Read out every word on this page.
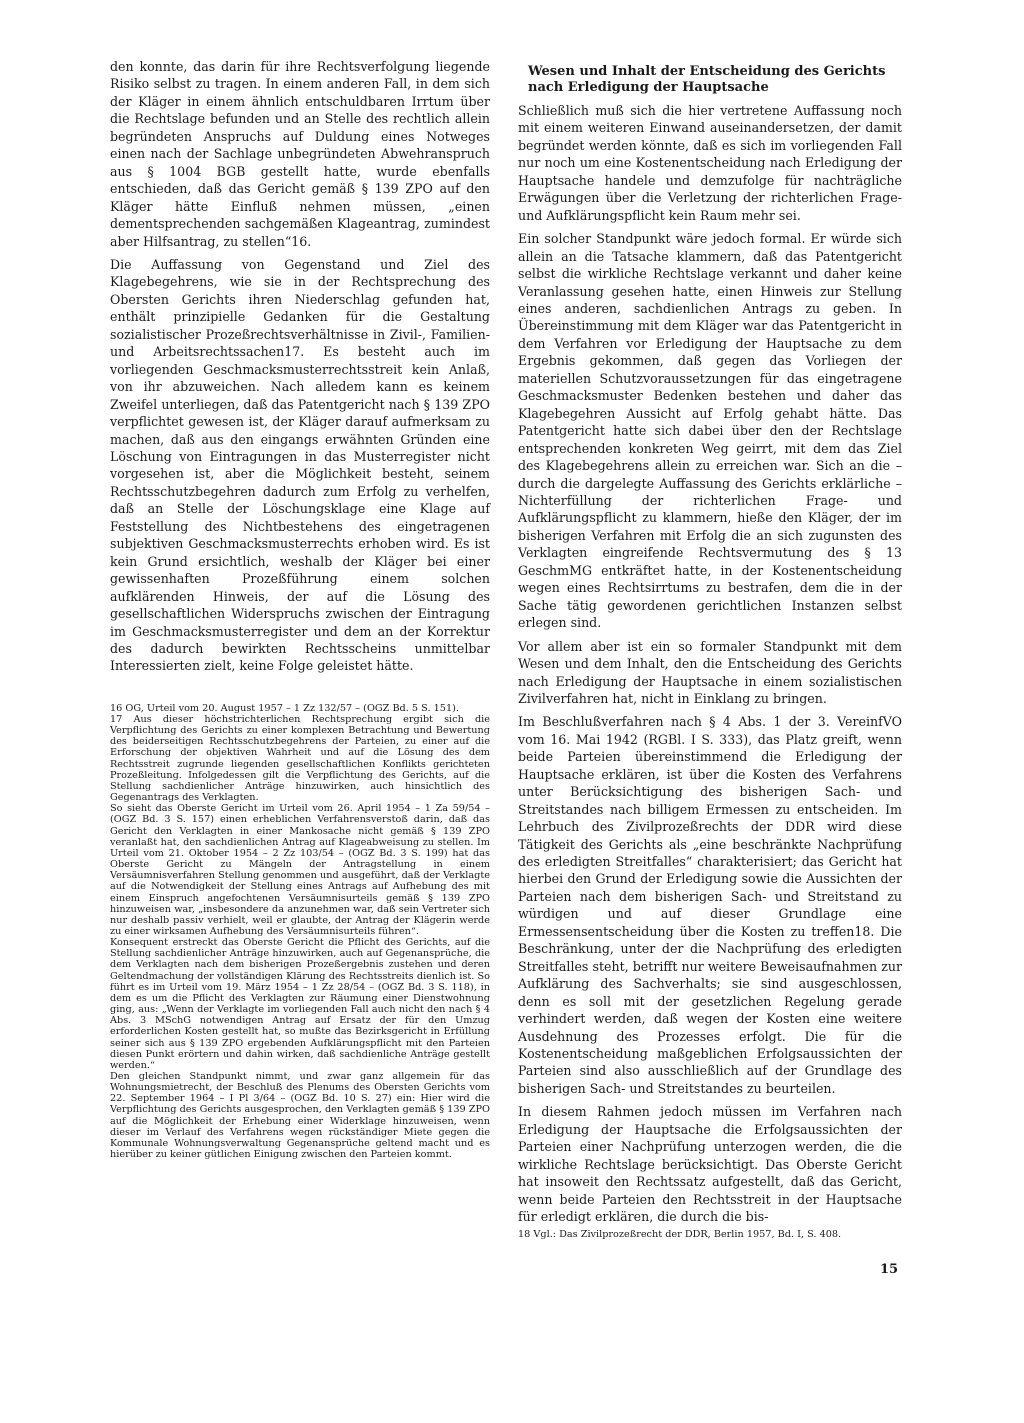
den konnte, das darin für ihre Rechtsverfolgung liegende Risiko selbst zu tragen. In einem anderen Fall, in dem sich der Kläger in einem ähnlich entschuldbaren Irrtum über die Rechtslage befunden und an Stelle des rechtlich allein begründeten Anspruchs auf Duldung eines Notweges einen nach der Sachlage unbegründeten Abwehranspruch aus § 1004 BGB gestellt hatte, wurde ebenfalls entschieden, daß das Gericht gemäß § 139 ZPO auf den Kläger hätte Einfluß nehmen müssen, „einen dementsprechenden sachgemäßen Klageantrag, zumindest aber Hilfsantrag, zu stellen“16.

Die Auffassung von Gegenstand und Ziel des Klagebegehrens, wie sie in der Rechtsprechung des Obersten Gerichts ihren Niederschlag gefunden hat, enthält prinzipielle Gedanken für die Gestaltung sozialistischer Prozeßrechtsverhältnisse in Zivil-, Familien- und Arbeitsrechtssachen17. Es besteht auch im vorliegenden Geschmacksmusterrechtsstreit kein Anlaß, von ihr abzuweichen. Nach alledem kann es keinem Zweifel unterliegen, daß das Patentgericht nach § 139 ZPO verpflichtet gewesen ist, der Kläger darauf aufmerksam zu machen, daß aus den eingangs erwähnten Gründen eine Löschung von Eintragungen in das Musterregister nicht vorgesehen ist, aber die Möglichkeit besteht, seinem Rechtsschutzbegehren dadurch zum Erfolg zu verhelfen, daß an Stelle der Löschungsklage eine Klage auf Feststellung des Nichtbestehens des eingetragenen subjektiven Geschmacksmusterrechts erhoben wird. Es ist kein Grund ersichtlich, weshalb der Kläger bei einer gewissenhaften Prozeßführung einem solchen aufklärenden Hinweis, der auf die Lösung des gesellschaftlichen Widerspruchs zwischen der Eintragung im Geschmacksmusterregister und dem an der Korrektur des dadurch bewirkten Rechtsscheins unmittelbar Interessierten zielt, keine Folge geleistet hätte.

16 OG, Urteil vom 20. August 1957 – 1 Zz 132/57 – (OGZ Bd. 5 S. 151).

17 Aus dieser höchstrichterlichen Rechtsprechung ergibt sich die Verpflichtung des Gerichts zu einer komplexen Betrachtung und Bewertung des beiderseitigen Rechtsschutzbegehrens der Parteien, zu einer auf die Erforschung der objektiven Wahrheit und auf die Lösung des dem Rechtsstreit zugrunde liegenden gesellschaftlichen Konflikts gerichteten Prozeßleitung. Infolgedessen gilt die Verpflichtung des Gerichts, auf die Stellung sachdienlicher Anträge hinzuwirken, auch hinsichtlich des Gegenantrags des Verklagten.

So sieht das Oberste Gericht im Urteil vom 26. April 1954 – 1 Za 59/54 – (OGZ Bd. 3 S. 157) einen erheblichen Verfahrensverstoß darin, daß das Gericht den Verklagten in einer Mankosache nicht gemäß § 139 ZPO veranlaßt hat, den sachdienlichen Antrag auf Klageabweisung zu stellen. Im Urteil vom 21. Oktober 1954 – 2 Zz 103/54 – (OGZ Bd. 3 S. 199) hat das Oberste Gericht zu Mängeln der Antragstellung in einem Versäumnisverfahren Stellung genommen und ausgeführt, daß der Verklagte auf die Notwendigkeit der Stellung eines Antrags auf Aufhebung des mit einem Einspruch angefochtenen Versäumnisurteils gemäß § 139 ZPO hinzuweisen war, „insbesondere da anzunehmen war, daß sein Vertreter sich nur deshalb passiv verhielt, weil er glaubte, der Antrag der Klägerin werde zu einer wirksamen Aufhebung des Versäumnisurteils führen“.

Konsequent erstreckt das Oberste Gericht die Pflicht des Gerichts, auf die Stellung sachdienlicher Anträge hinzuwirken, auch auf Gegenansprüche, die dem Verklagten nach dem bisherigen Prozeßergebnis zustehen und deren Geltendmachung der vollständigen Klärung des Rechtsstreits dienlich ist. So führt es im Urteil vom 19. März 1954 – 1 Zz 28/54 – (OGZ Bd. 3 S. 118), in dem es um die Pflicht des Verklagten zur Räumung einer Dienstwohnung ging, aus: „Wenn der Verklagte im vorliegenden Fall auch nicht den nach § 4 Abs. 3 MSchG notwendigen Antrag auf Ersatz der für den Umzug erforderlichen Kosten gestellt hat, so mußte das Bezirksgericht in Erfüllung seiner sich aus § 139 ZPO ergebenden Aufklärungspflicht mit den Parteien diesen Punkt erörtern und dahin wirken, daß sachdienliche Anträge gestellt werden.“

Den gleichen Standpunkt nimmt, und zwar ganz allgemein für das Wohnungsmietrecht, der Beschluß des Plenums des Obersten Gerichts vom 22. September 1964 – I Pl 3/64 – (OGZ Bd. 10 S. 27) ein: Hier wird die Verpflichtung des Gerichts ausgesprochen, den Verklagten gemäß § 139 ZPO auf die Möglichkeit der Erhebung einer Widerklage hinzuweisen, wenn dieser im Verlauf des Verfahrens wegen rückständiger Miete gegen die Kommunale Wohnungsverwaltung Gegenansprüche geltend macht und es hierüber zu keiner gütlichen Einigung zwischen den Parteien kommt.

Wesen und Inhalt der Entscheidung des Gerichts nach Erledigung der Hauptsache

Schließlich muß sich die hier vertretene Auffassung noch mit einem weiteren Einwand auseinandersetzen, der damit begründet werden könnte, daß es sich im vorliegenden Fall nur noch um eine Kostenentscheidung nach Erledigung der Hauptsache handele und demzufolge für nachträgliche Erwägungen über die Verletzung der richterlichen Frage- und Aufklärungspflicht kein Raum mehr sei.

Ein solcher Standpunkt wäre jedoch formal. Er würde sich allein an die Tatsache klammern, daß das Patentgericht selbst die wirkliche Rechtslage verkannt und daher keine Veranlassung gesehen hatte, einen Hinweis zur Stellung eines anderen, sachdienlichen Antrags zu geben. In Übereinstimmung mit dem Kläger war das Patentgericht in dem Verfahren vor Erledigung der Hauptsache zu dem Ergebnis gekommen, daß gegen das Vorliegen der materiellen Schutzvoraussetzungen für das eingetragene Geschmacksmuster Bedenken bestehen und daher das Klagebegehren Aussicht auf Erfolg gehabt hätte. Das Patentgericht hatte sich dabei über den der Rechtslage entsprechenden konkreten Weg geirrt, mit dem das Ziel des Klagebegehrens allein zu erreichen war. Sich an die – durch die dargelegte Auffassung des Gerichts erklärliche – Nichterfüllung der richterlichen Frage- und Aufklärungspflicht zu klammern, hieße den Kläger, der im bisherigen Verfahren mit Erfolg die an sich zugunsten des Verklagten eingreifende Rechtsvermutung des § 13 GeschmMG entkräftet hatte, in der Kostenentscheidung wegen eines Rechtsirrtums zu bestrafen, dem die in der Sache tätig gewordenen gerichtlichen Instanzen selbst erlegen sind.

Vor allem aber ist ein so formaler Standpunkt mit dem Wesen und dem Inhalt, den die Entscheidung des Gerichts nach Erledigung der Hauptsache in einem sozialistischen Zivilverfahren hat, nicht in Einklang zu bringen.

Im Beschlußverfahren nach § 4 Abs. 1 der 3. VereinfVO vom 16. Mai 1942 (RGBl. I S. 333), das Platz greift, wenn beide Parteien übereinstimmend die Erledigung der Hauptsache erklären, ist über die Kosten des Verfahrens unter Berücksichtigung des bisherigen Sach- und Streitstandes nach billigem Ermessen zu entscheiden. Im Lehrbuch des Zivilprozeßrechts der DDR wird diese Tätigkeit des Gerichts als „eine beschränkte Nachprüfung des erledigten Streitfalles“ charakterisiert; das Gericht hat hierbei den Grund der Erledigung sowie die Aussichten der Parteien nach dem bisherigen Sach- und Streitstand zu würdigen und auf dieser Grundlage eine Ermessensentscheidung über die Kosten zu treffen18. Die Beschränkung, unter der die Nachprüfung des erledigten Streitfalles steht, betrifft nur weitere Beweisaufnahmen zur Aufklärung des Sachverhalts; sie sind ausgeschlossen, denn es soll mit der gesetzlichen Regelung gerade verhindert werden, daß wegen der Kosten eine weitere Ausdehnung des Prozesses erfolgt. Die für die Kostenentscheidung maßgeblichen Erfolgsaussichten der Parteien sind also ausschließlich auf der Grundlage des bisherigen Sach- und Streitstandes zu beurteilen.

In diesem Rahmen jedoch müssen im Verfahren nach Erledigung der Hauptsache die Erfolgsaussichten der Parteien einer Nachprüfung unterzogen werden, die die wirkliche Rechtslage berücksichtigt. Das Oberste Gericht hat insoweit den Rechtssatz aufgestellt, daß das Gericht, wenn beide Parteien den Rechtsstreit in der Hauptsache für erledigt erklären, die durch die bis-

18 Vgl.: Das Zivilprozeßrecht der DDR, Berlin 1957, Bd. I, S. 408.

15
